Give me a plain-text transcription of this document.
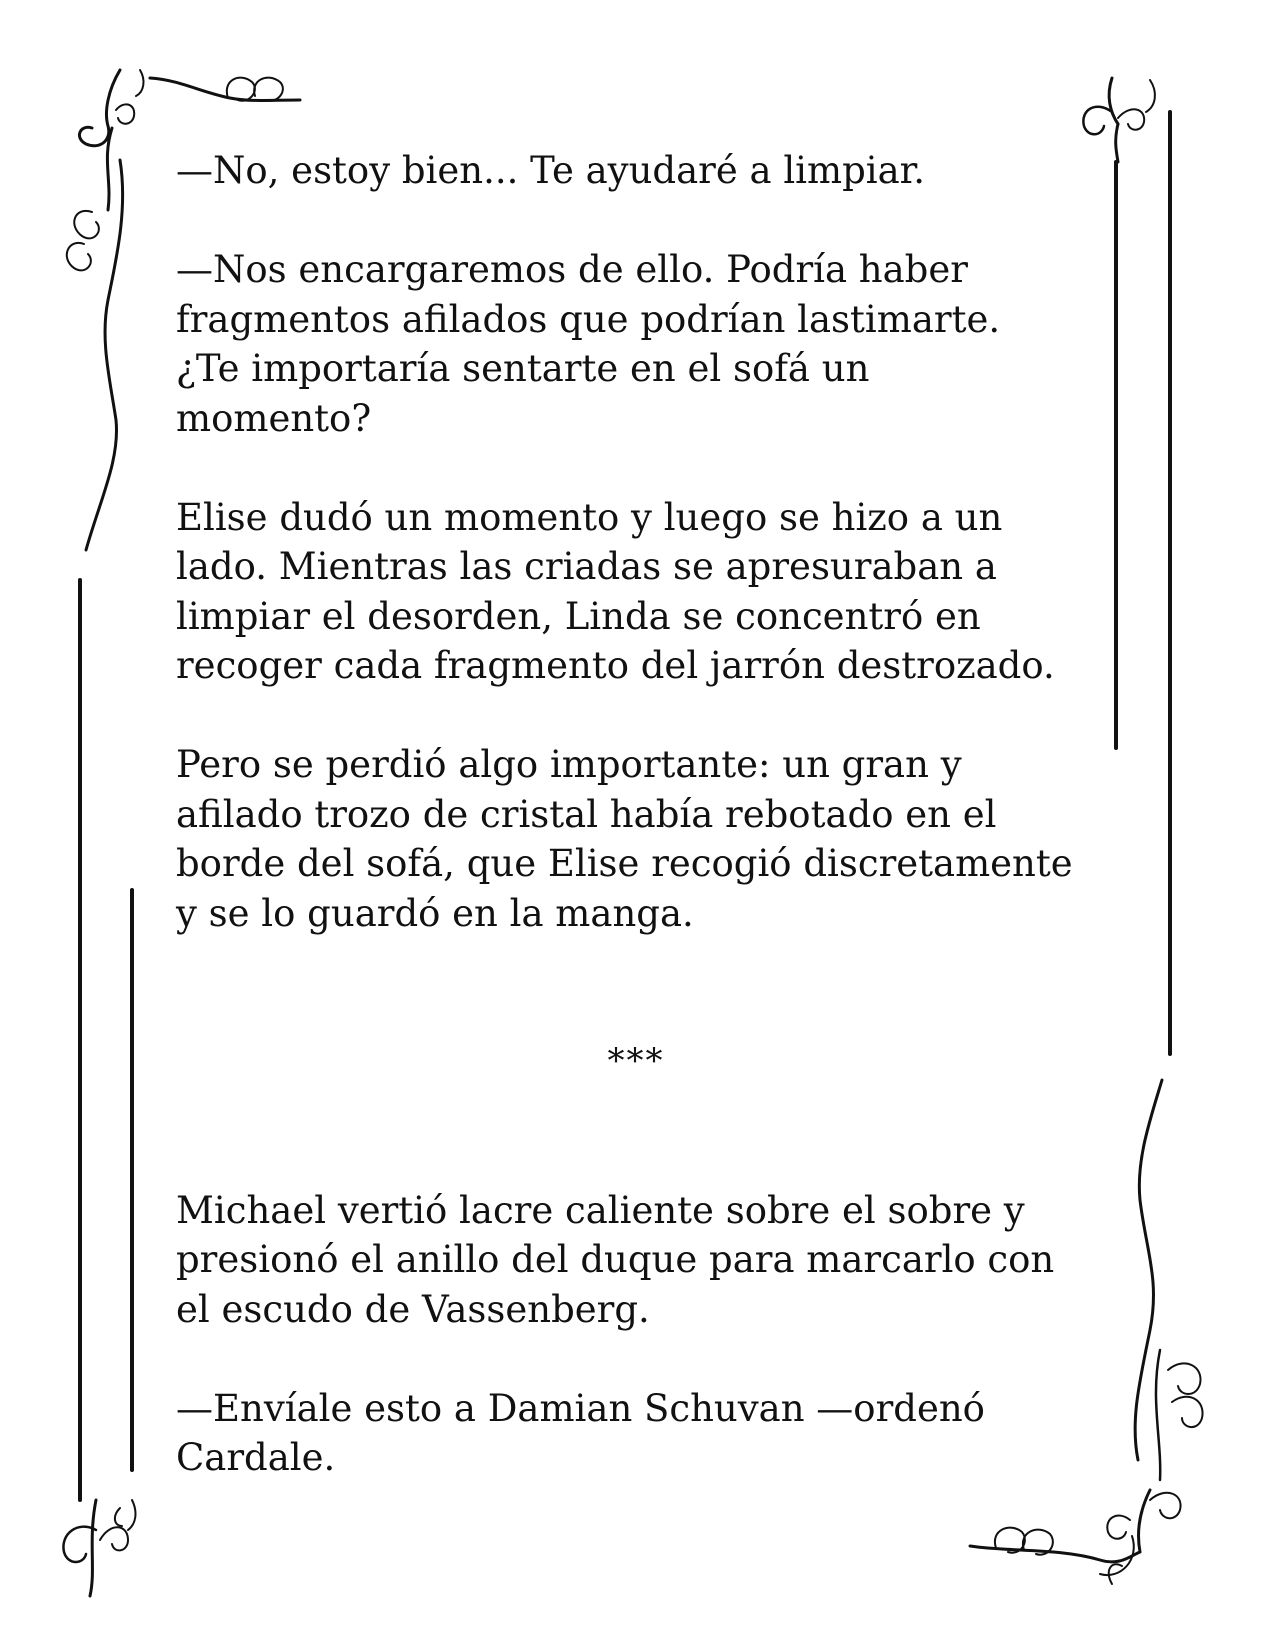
—No, estoy bien... Te ayudaré a limpiar.

—Nos encargaremos de ello. Podría haber

fragmentos afilados que podrían lastimarte.

¿Te importaría sentarte en el sofá un

momento?

Elise dudó un momento y luego se hizo a un

lado. Mientras las criadas se apresuraban a

limpiar el desorden, Linda se concentró en

recoger cada fragmento del jarrón destrozado.

Pero se perdió algo importante: un gran y

afilado trozo de cristal había rebotado en el

borde del sofá, que Elise recogió discretamente

y se lo guardó en la manga.

***

Michael vertió lacre caliente sobre el sobre y

presionó el anillo del duque para marcarlo con

el escudo de Vassenberg.

—Envíale esto a Damian Schuvan —ordenó

Cardale.
